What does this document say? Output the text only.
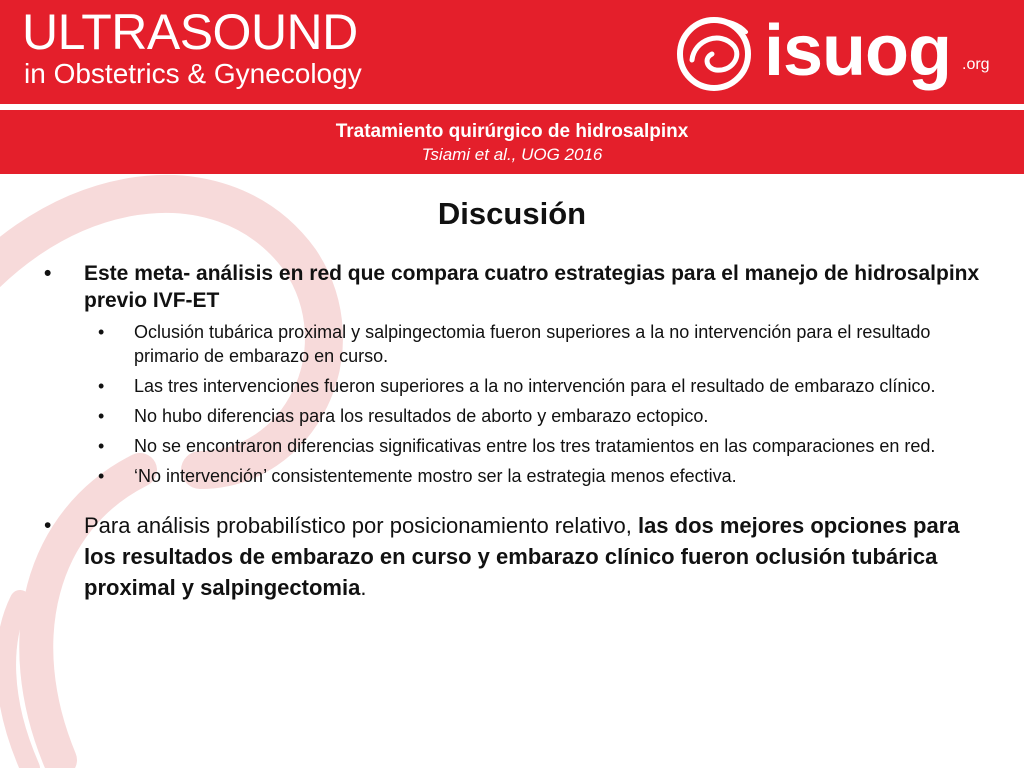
ULTRASOUND
in Obstetrics & Gynecology	isuog .org
Tratamiento quirúrgico de hidrosalpinx
Tsiami et al., UOG 2016
Discusión
• Este meta- análisis en red que compara cuatro estrategias para el manejo de hidrosalpinx previo IVF-ET
• Oclusión tubárica proximal y salpingectomia fueron superiores a la no intervención para el resultado primario de embarazo en curso.
• Las tres intervenciones fueron superiores a la no intervención para el resultado de embarazo clínico.
• No hubo diferencias para los resultados de aborto y embarazo ectopico.
• No se encontraron diferencias significativas entre los tres tratamientos en las comparaciones en red.
• ‘No intervención’ consistentemente mostro ser la estrategia menos efectiva.
• Para análisis probabilístico por posicionamiento relativo, las dos mejores opciones para los resultados de embarazo en curso y embarazo clínico fueron oclusión tubárica proximal y salpingectomia.
